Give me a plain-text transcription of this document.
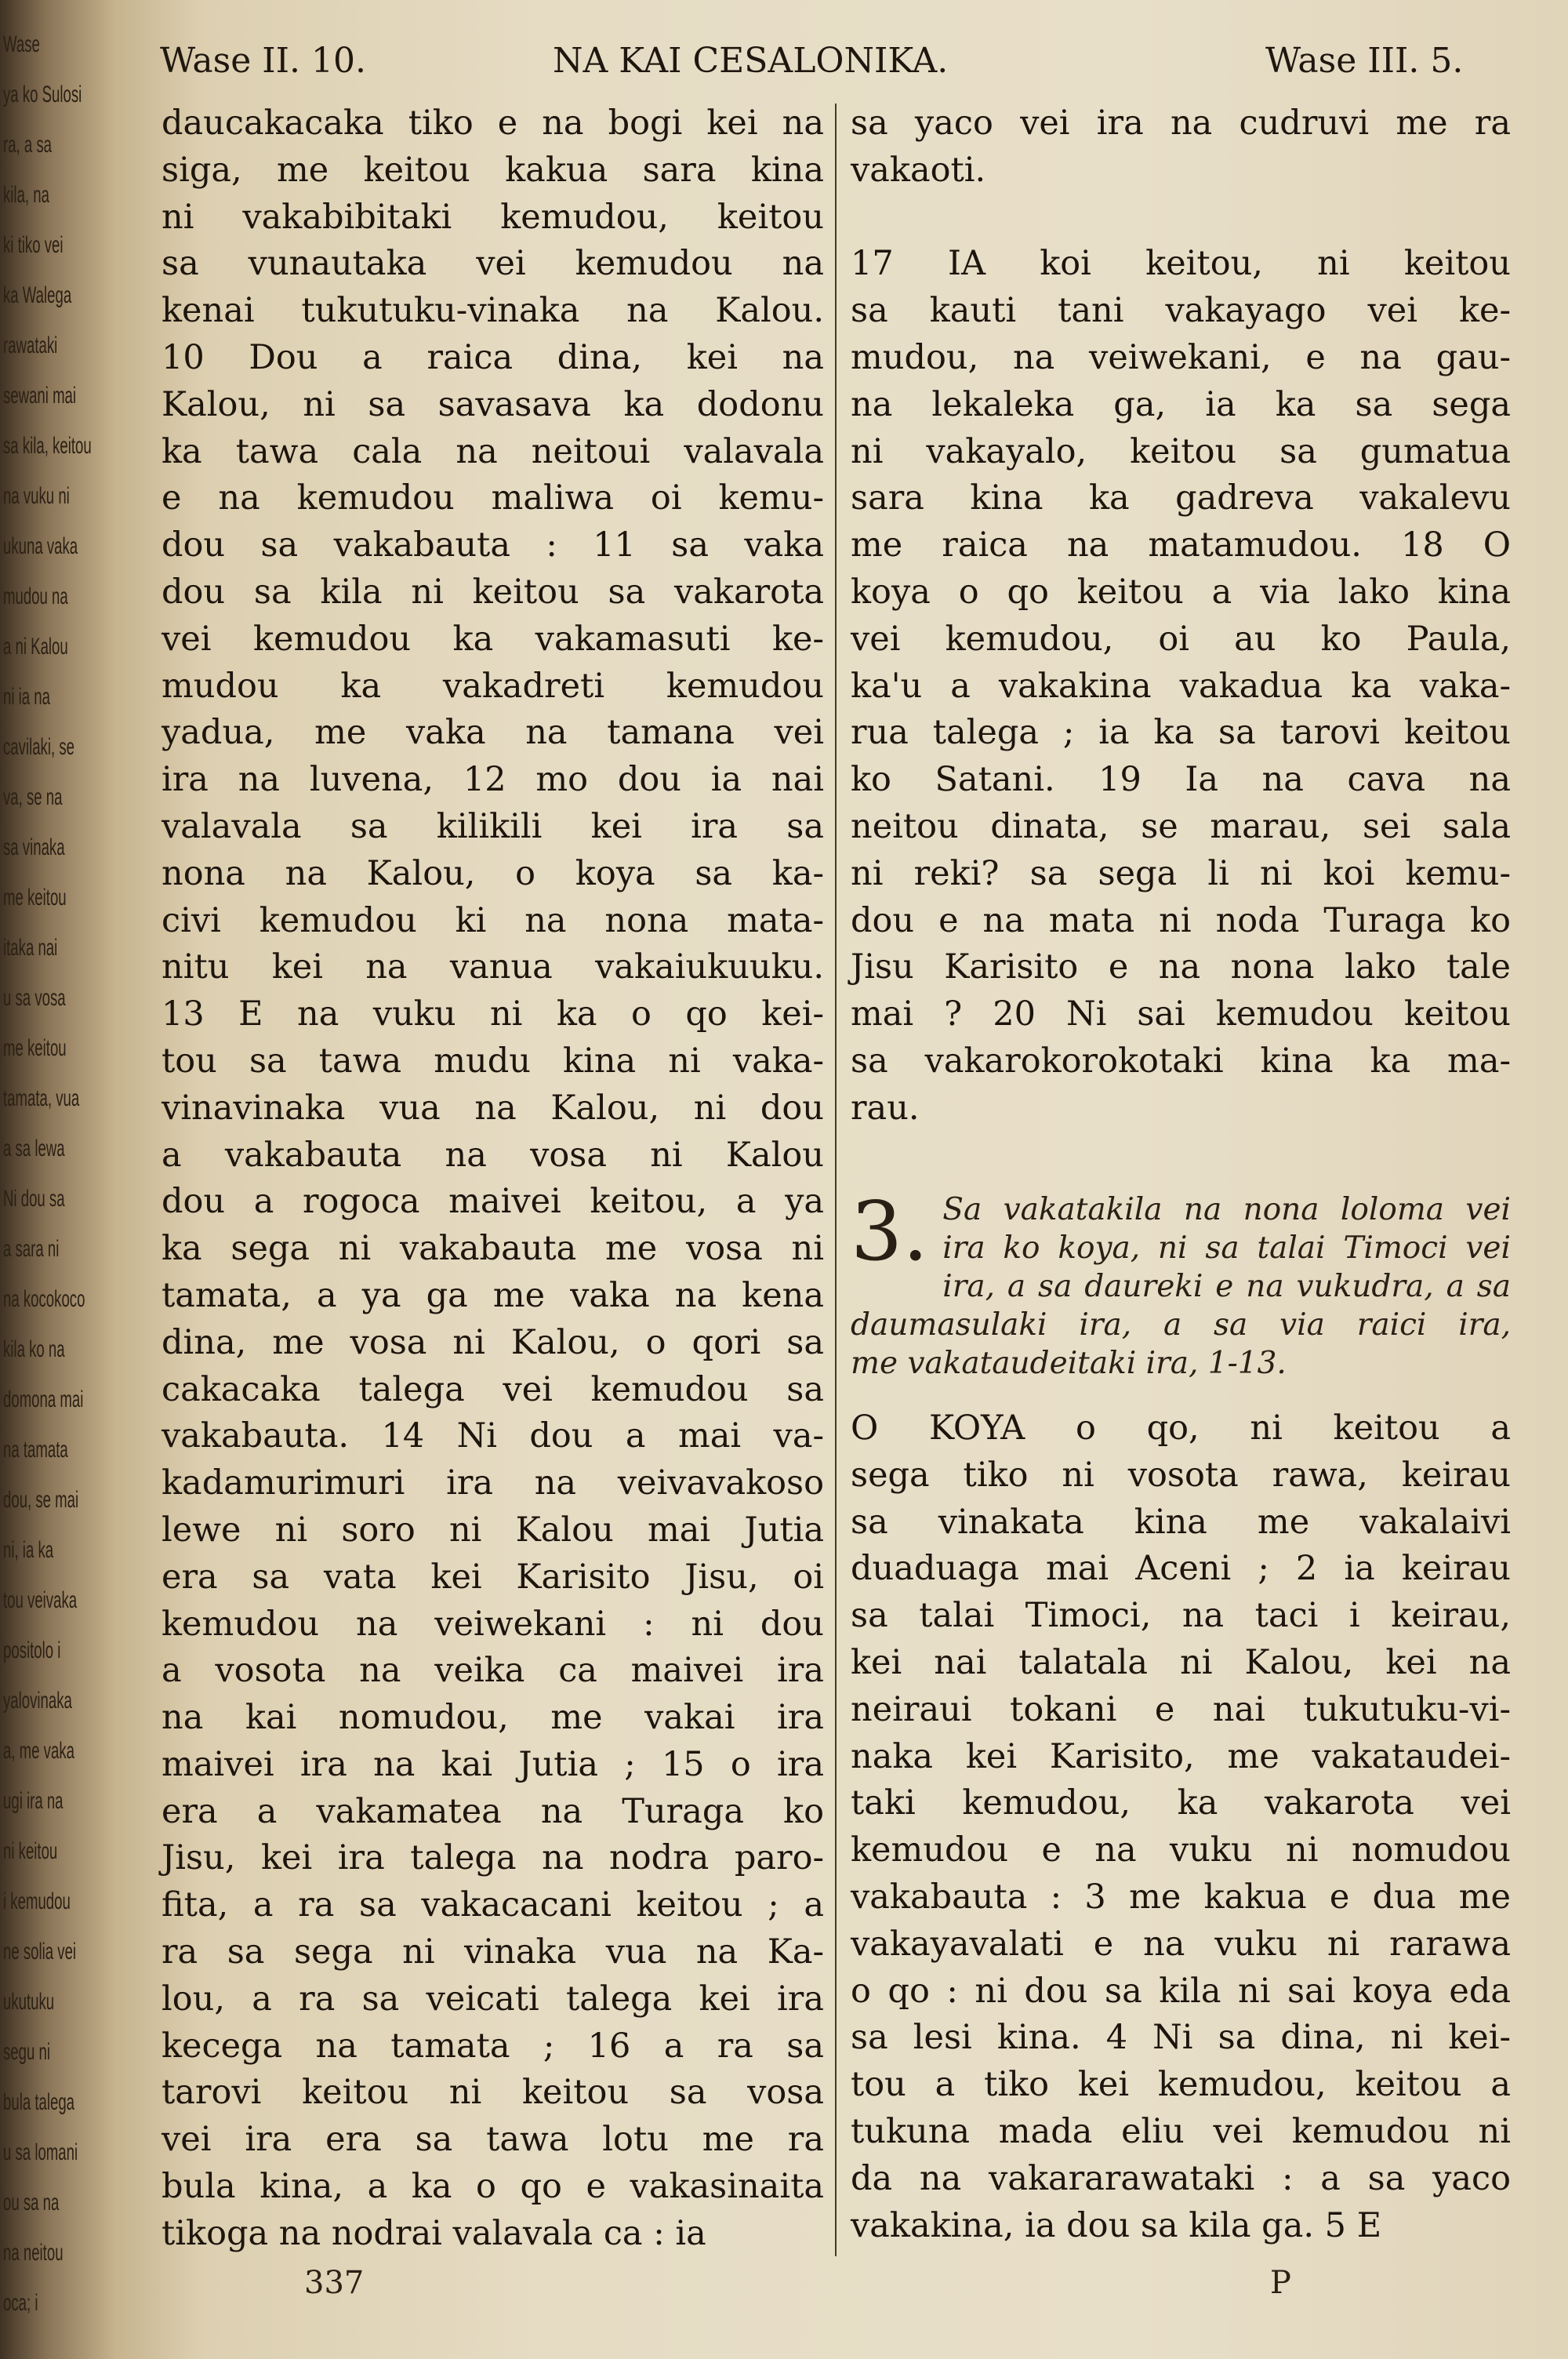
Wase
ya ko Sulosi
ra, a sa
kila, na
ki tiko vei
ka Walega
rawataki
sewani mai
sa kila, keitou
na vuku ni
ukuna vaka
mudou na
a ni Kalou
ni ia na
cavilaki, se
va, se na
sa vinaka
me keitou
itaka nai
u sa vosa
me keitou
tamata, vua
a sa lewa
Ni dou sa
a sara ni
na kocokoco
kila ko na
domona mai
na tamata
dou, se mai
ni, ia ka
tou veivaka
positolo i
yalovinaka
a, me vaka
ugi ira na
ni keitou
i kemudou
ne solia vei
ukutuku
segu ni
bula talega
u sa lomani
ou sa na
na neitou
oca; i
Wase II. 10.	NA KAI CESALONIKA.	Wase III. 5.
daucakacaka tiko e na bogi kei na
siga, me keitou kakua sara kina
ni vakabibitaki kemudou, keitou
sa vunautaka vei kemudou na
kenai tukutuku-vinaka na Kalou.
10 Dou a raica dina, kei na
Kalou, ni sa savasava ka dodonu
ka tawa cala na neitoui valavala
e na kemudou maliwa oi kemu-
dou sa vakabauta : 11 sa vaka
dou sa kila ni keitou sa vakarota
vei kemudou ka vakamasuti ke-
mudou ka vakadreti kemudou
yadua, me vaka na tamana vei
ira na luvena, 12 mo dou ia nai
valavala sa kilikili kei ira sa
nona na Kalou, o koya sa ka-
civi kemudou ki na nona mata-
nitu kei na vanua vakaiukuuku.
13 E na vuku ni ka o qo kei-
tou sa tawa mudu kina ni vaka-
vinavinaka vua na Kalou, ni dou
a vakabauta na vosa ni Kalou
dou a rogoca maivei keitou, a ya
ka sega ni vakabauta me vosa ni
tamata, a ya ga me vaka na kena
dina, me vosa ni Kalou, o qori sa
cakacaka talega vei kemudou sa
vakabauta. 14 Ni dou a mai va-
kadamurimuri ira na veivavakoso
lewe ni soro ni Kalou mai Jutia
era sa vata kei Karisito Jisu, oi
kemudou na veiwekani : ni dou
a vosota na veika ca maivei ira
na kai nomudou, me vakai ira
maivei ira na kai Jutia ; 15 o ira
era a vakamatea na Turaga ko
Jisu, kei ira talega na nodra paro-
fita, a ra sa vakacacani keitou ; a
ra sa sega ni vinaka vua na Ka-
lou, a ra sa veicati talega kei ira
kecega na tamata ; 16 a ra sa
tarovi keitou ni keitou sa vosa
vei ira era sa tawa lotu me ra
bula kina, a ka o qo e vakasinaita
tikoga na nodrai valavala ca : ia
sa yaco vei ira na cudruvi me ra
vakaoti.

17 IA koi keitou, ni keitou
sa kauti tani vakayago vei ke-
mudou, na veiwekani, e na gau-
na lekaleka ga, ia ka sa sega
ni vakayalo, keitou sa gumatua
sara kina ka gadreva vakalevu
me raica na matamudou. 18 O
koya o qo keitou a via lako kina
vei kemudou, oi au ko Paula,
ka'u a vakakina vakadua ka vaka-
rua talega ; ia ka sa tarovi keitou
ko Satani. 19 Ia na cava na
neitou dinata, se marau, sei sala
ni reki? sa sega li ni koi kemu-
dou e na mata ni noda Turaga ko
Jisu Karisito e na nona lako tale
mai ? 20 Ni sai kemudou keitou
sa vakarokorokotaki kina ka ma-
rau.
3. Sa vakatakila na nona loloma vei
ira ko koya, ni sa talai Timoci vei
ira, a sa daureki e na vukudra, a sa
daumasulaki ira, a sa via raici ira,
me vakataudeitaki ira, 1-13.
O KOYA o qo, ni keitou a
sega tiko ni vosota rawa, keirau
sa vinakata kina me vakalaivi
duaduaga mai Aceni ; 2 ia keirau
sa talai Timoci, na taci i keirau,
kei nai talatala ni Kalou, kei na
neiraui tokani e nai tukutuku-vi-
naka kei Karisito, me vakataudei-
taki kemudou, ka vakarota vei
kemudou e na vuku ni nomudou
vakabauta : 3 me kakua e dua me
vakayavalati e na vuku ni rarawa
o qo : ni dou sa kila ni sai koya eda
sa lesi kina. 4 Ni sa dina, ni kei-
tou a tiko kei kemudou, keitou a
tukuna mada eliu vei kemudou ni
da na vakararawataki : a sa yaco
vakakina, ia dou sa kila ga. 5 E
337	P
